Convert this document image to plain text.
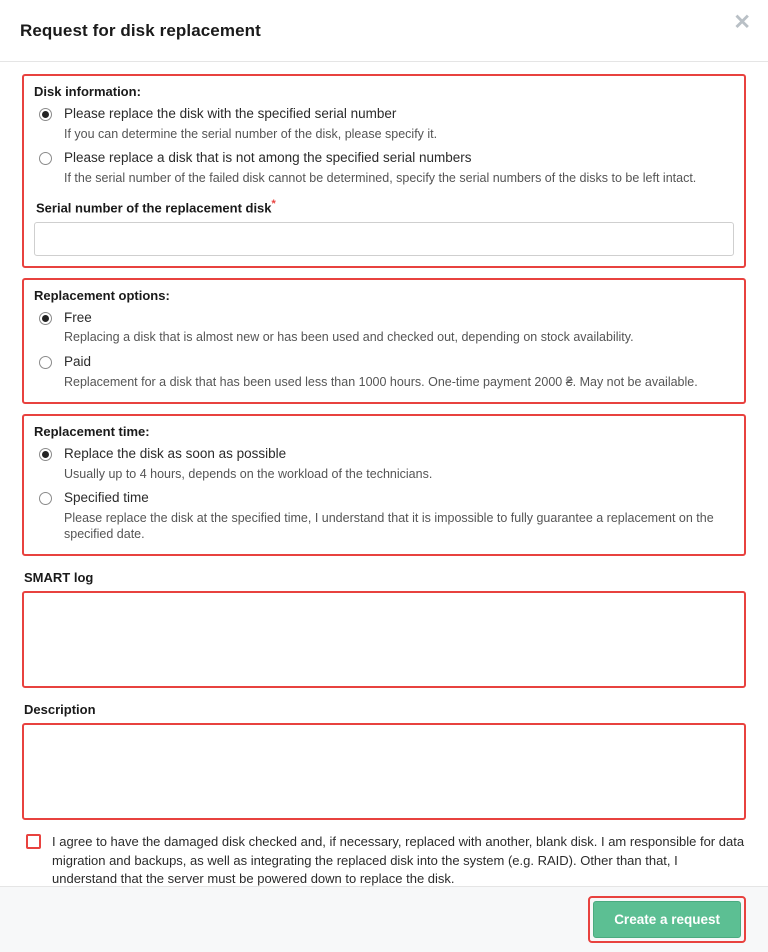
Request for disk replacement	✕
Disk information:
Please replace the disk with the specified serial number
If you can determine the serial number of the disk, please specify it.
Please replace a disk that is not among the specified serial numbers
If the serial number of the failed disk cannot be determined, specify the serial numbers of the disks to be left intact.
Serial number of the replacement disk*
Replacement options:
Free
Replacing a disk that is almost new or has been used and checked out, depending on stock availability.
Paid
Replacement for a disk that has been used less than 1000 hours. One-time payment 2000 ₴. May not be available.
Replacement time:
Replace the disk as soon as possible
Usually up to 4 hours, depends on the workload of the technicians.
Specified time
Please replace the disk at the specified time, I understand that it is impossible to fully guarantee a replacement on the specified date.
SMART log
Description
I agree to have the damaged disk checked and, if necessary, replaced with another, blank disk. I am responsible for data migration and backups, as well as integrating the replaced disk into the system (e.g. RAID). Other than that, I understand that the server must be powered down to replace the disk.
Create a request
